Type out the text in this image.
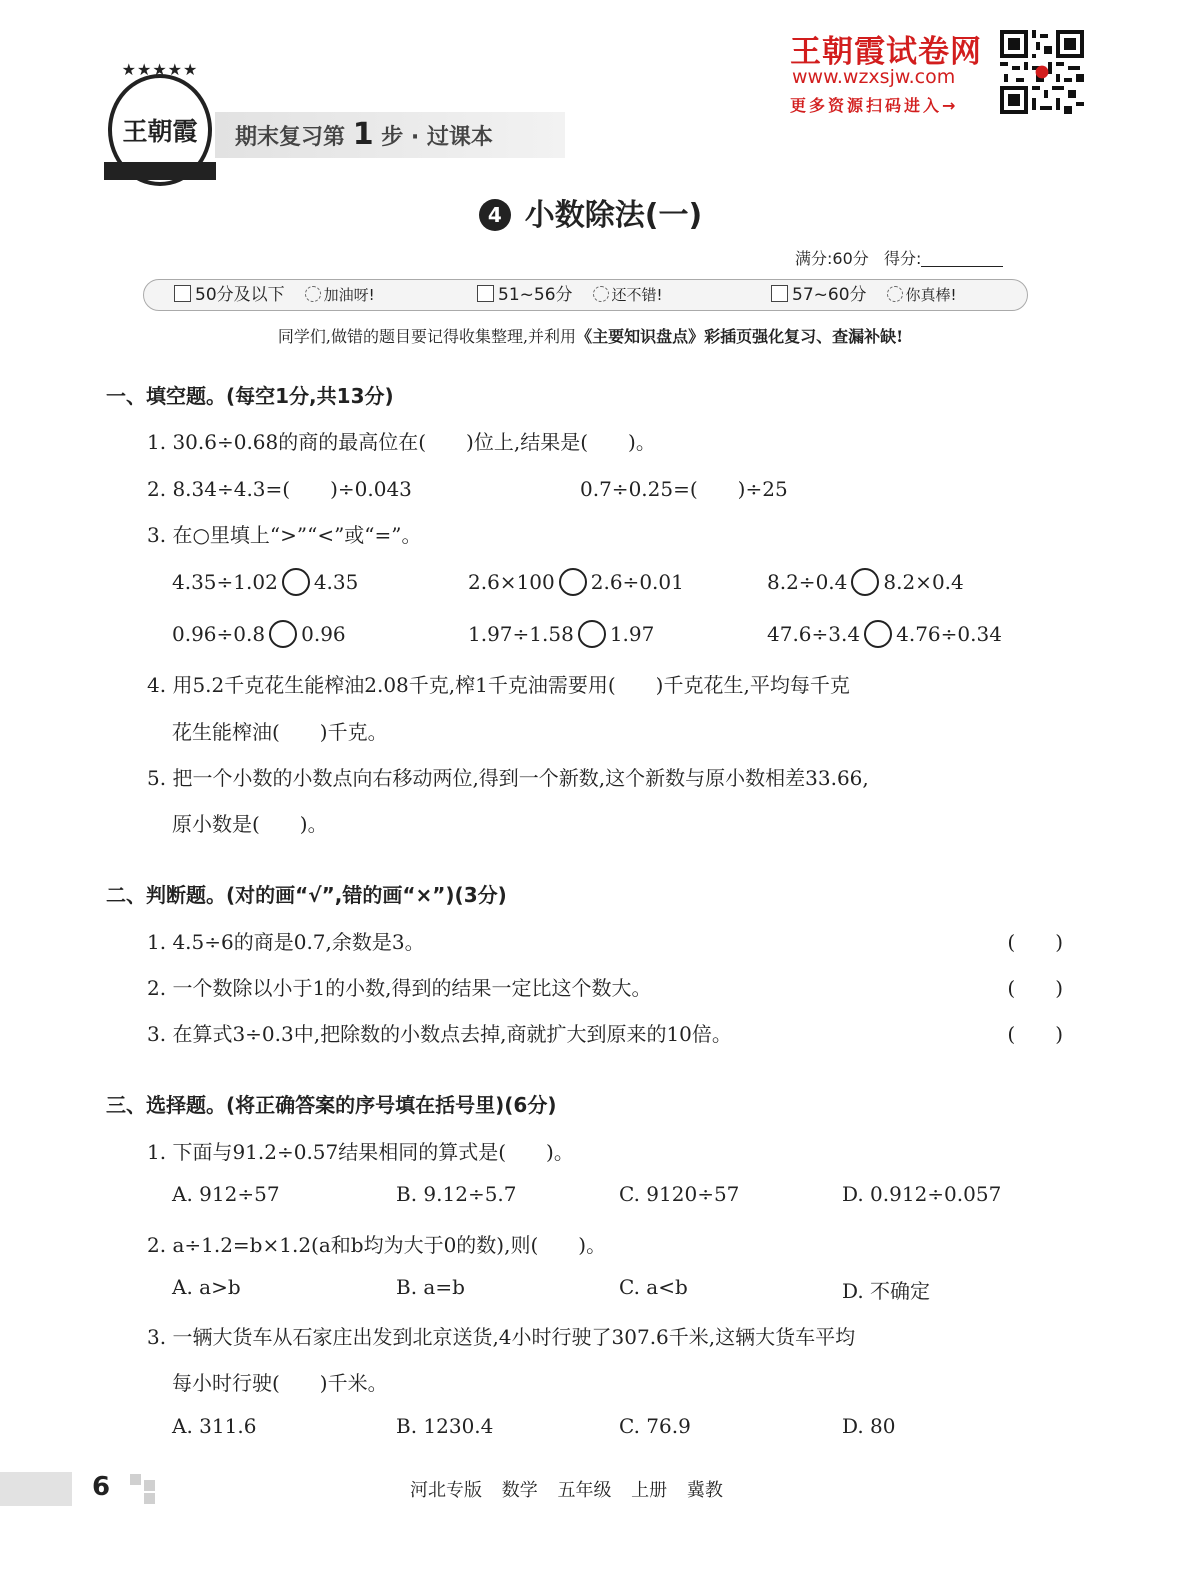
★★★★★
王朝霞	期末复习第 1 步 · 过课本
王朝霞试卷网
www.wzxsjw.com
更多资源扫码进入→
4 小数除法(一)
满分:60分 得分:
50分及以下	加油呀!	51~56分	还不错!	57~60分	你真棒!
同学们,做错的题目要记得收集整理,并利用《主要知识盘点》彩插页强化复习、查漏补缺!
一、填空题。(每空1分,共13分)
1. 30.6÷0.68的商的最高位在(　　)位上,结果是(　　)。
2. 8.34÷4.3=(　　)÷0.043	0.7÷0.25=(　　)÷25
3. 在○里填上“>”“<”或“=”。
4.35÷1.02 4.35	2.6×100 2.6÷0.01	8.2÷0.4 8.2×0.4
0.96÷0.8 0.96	1.97÷1.58 1.97	47.6÷3.4 4.76÷0.34
4. 用5.2千克花生能榨油2.08千克,榨1千克油需要用(　　)千克花生,平均每千克
花生能榨油(　　)千克。
5. 把一个小数的小数点向右移动两位,得到一个新数,这个新数与原小数相差33.66,
原小数是(　　)。
二、判断题。(对的画“√”,错的画“×”)(3分)
1. 4.5÷6的商是0.7,余数是3。	(　　)
2. 一个数除以小于1的小数,得到的结果一定比这个数大。	(　　)
3. 在算式3÷0.3中,把除数的小数点去掉,商就扩大到原来的10倍。	(　　)
三、选择题。(将正确答案的序号填在括号里)(6分)
1. 下面与91.2÷0.57结果相同的算式是(　　)。
A. 912÷57	B. 9.12÷5.7	C. 9120÷57	D. 0.912÷0.057
2. a÷1.2=b×1.2(a和b均为大于0的数),则(　　)。
A. a>b	B. a=b	C. a<b	D. 不确定
3. 一辆大货车从石家庄出发到北京送货,4小时行驶了307.6千米,这辆大货车平均
每小时行驶(　　)千米。
A. 311.6	B. 1230.4	C. 76.9	D. 80
6	河北专版 数学 五年级 上册 冀教
